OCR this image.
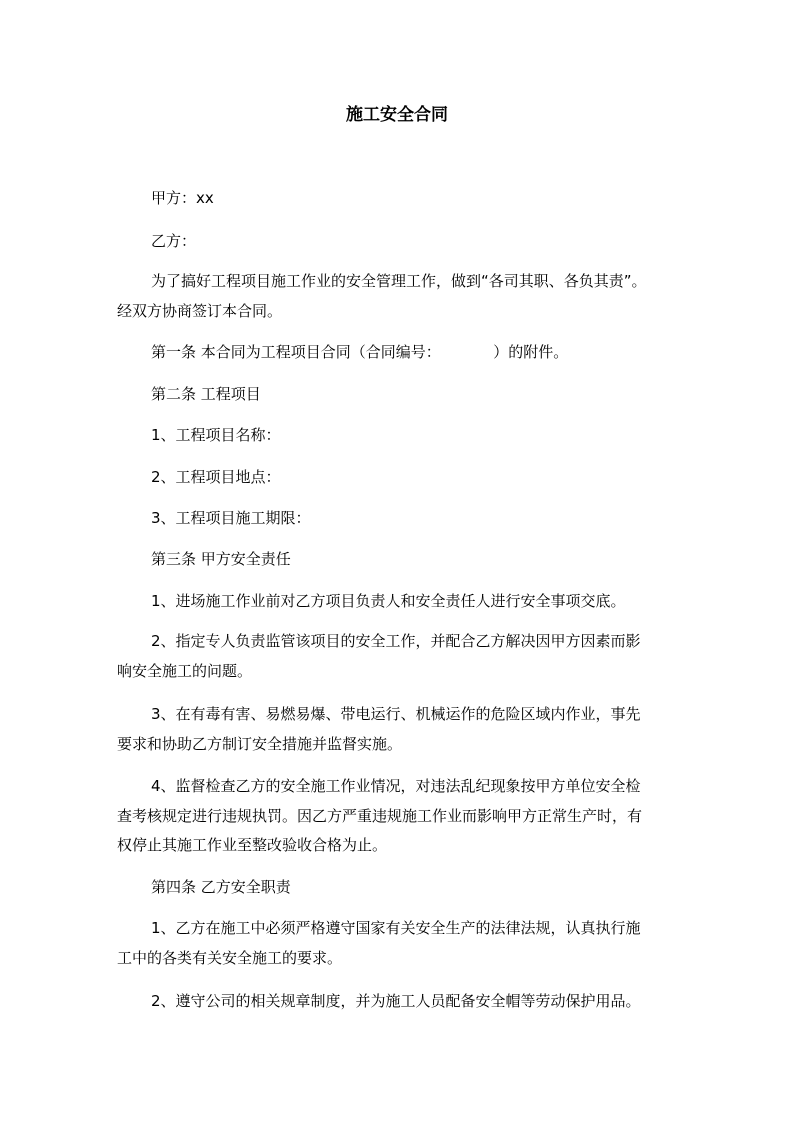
施工安全合同
甲方：xx
乙方：
为了搞好工程项目施工作业的安全管理工作，做到“各司其职、各负其责”。
经双方协商签订本合同。
第一条 本合同为工程项目合同（合同编号：　　　　）的附件。
第二条 工程项目
1、工程项目名称：
2、工程项目地点：
3、工程项目施工期限：
第三条 甲方安全责任
1、进场施工作业前对乙方项目负责人和安全责任人进行安全事项交底。
2、指定专人负责监管该项目的安全工作，并配合乙方解决因甲方因素而影
响安全施工的问题。
3、在有毒有害、易燃易爆、带电运行、机械运作的危险区域内作业，事先
要求和协助乙方制订安全措施并监督实施。
4、监督检查乙方的安全施工作业情况，对违法乱纪现象按甲方单位安全检
查考核规定进行违规执罚。因乙方严重违规施工作业而影响甲方正常生产时，有
权停止其施工作业至整改验收合格为止。
第四条 乙方安全职责
1、乙方在施工中必须严格遵守国家有关安全生产的法律法规，认真执行施
工中的各类有关安全施工的要求。
2、遵守公司的相关规章制度，并为施工人员配备安全帽等劳动保护用品。
